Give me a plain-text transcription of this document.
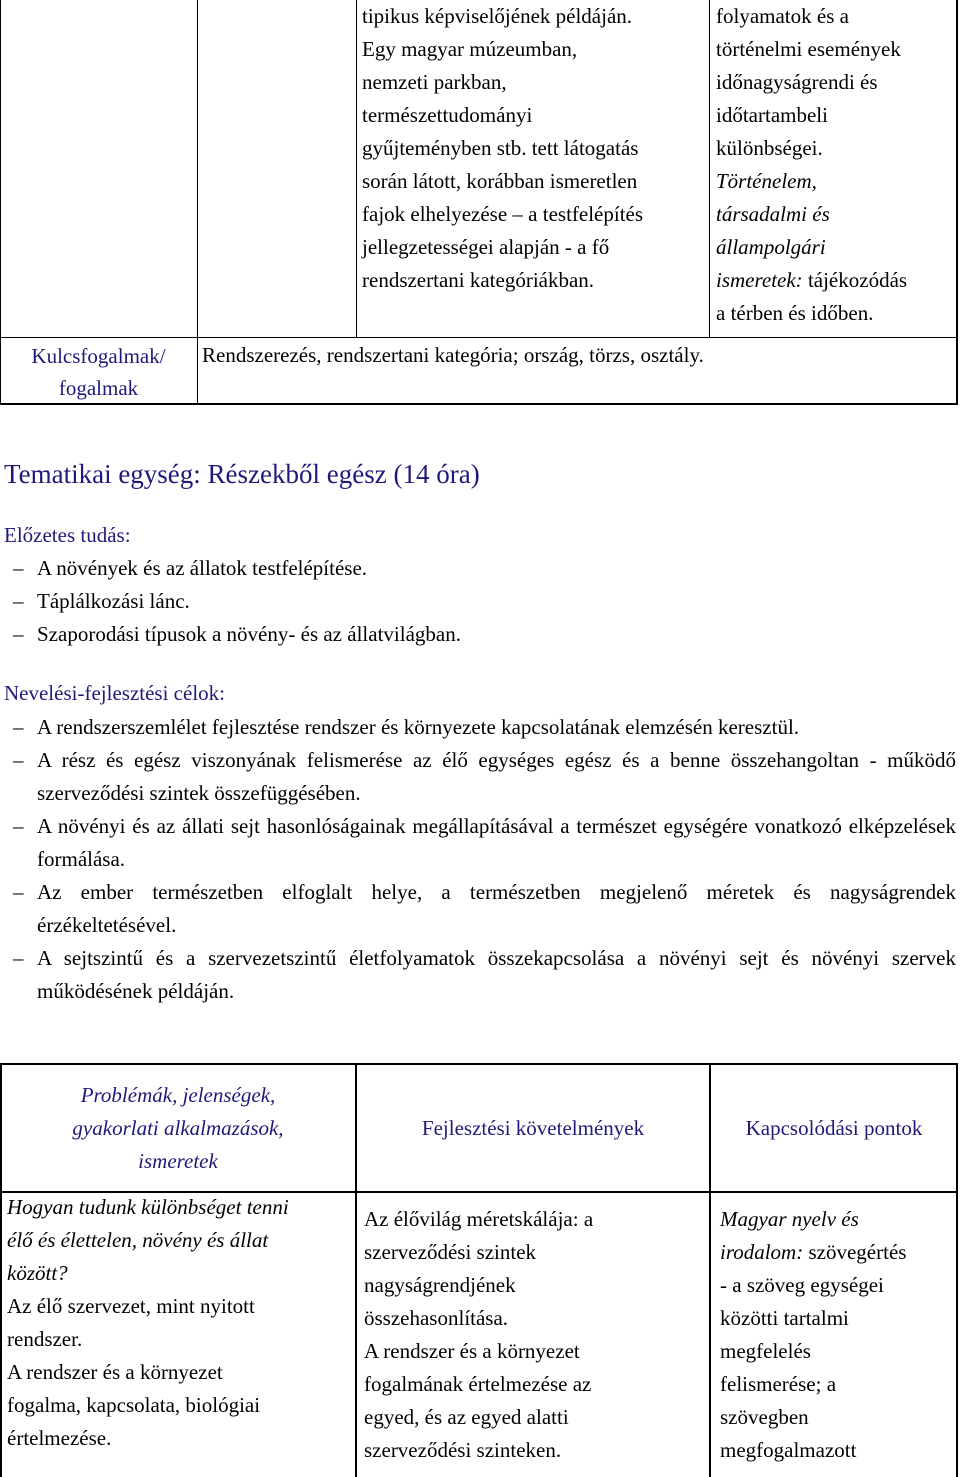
tipikus képviselőjének példáján.
Egy magyar múzeumban,
nemzeti parkban,
természettudományi
gyűjteményben stb. tett látogatás
során látott, korábban ismeretlen
fajok elhelyezése – a testfelépítés
jellegzetességei alapján - a fő
rendszertani kategóriákban.
folyamatok és a
történelmi események
időnagyságrendi és
időtartambeli
különbségei.
Történelem,
társadalmi és
állampolgári
ismeretek: tájékozódás
a térben és időben.
Kulcsfogalmak/
fogalmak
Rendszerezés, rendszertani kategória; ország, törzs, osztály.
Tematikai egység: Részekből egész (14 óra)
Előzetes tudás:
– A növények és az állatok testfelépítése.
– Táplálkozási lánc.
– Szaporodási típusok a növény- és az állatvilágban.
Nevelési-fejlesztési célok:
– A rendszerszemlélet fejlesztése rendszer és környezete kapcsolatának elemzésén keresztül.
– A rész és egész viszonyának felismerése az élő egységes egész és a benne összehangoltan - működő szerveződési szintek összefüggésében.
– A növényi és az állati sejt hasonlóságainak megállapításával a természet egységére vonatkozó elképzelések formálása.
– Az ember természetben elfoglalt helye, a természetben megjelenő méretek és nagyságrendek érzékeltetésével.
– A sejtszintű és a szervezetszintű életfolyamatok összekapcsolása a növényi sejt és növényi szervek működésének példáján.
Problémák, jelenségek,
gyakorlati alkalmazások,
ismeretek
Fejlesztési követelmények	Kapcsolódási pontok
Hogyan tudunk különbséget tenni
élő és élettelen, növény és állat
között?
Az élő szervezet, mint nyitott
rendszer.
A rendszer és a környezet
fogalma, kapcsolata, biológiai
értelmezése.
Az élővilág méretskálája: a
szerveződési szintek
nagyságrendjének
összehasonlítása.
A rendszer és a környezet
fogalmának értelmezése az
egyed, és az egyed alatti
szerveződési szinteken.
Magyar nyelv és
irodalom: szövegértés
- a szöveg egységei
közötti tartalmi
megfelelés
felismerése; a
szövegben
megfogalmazott
